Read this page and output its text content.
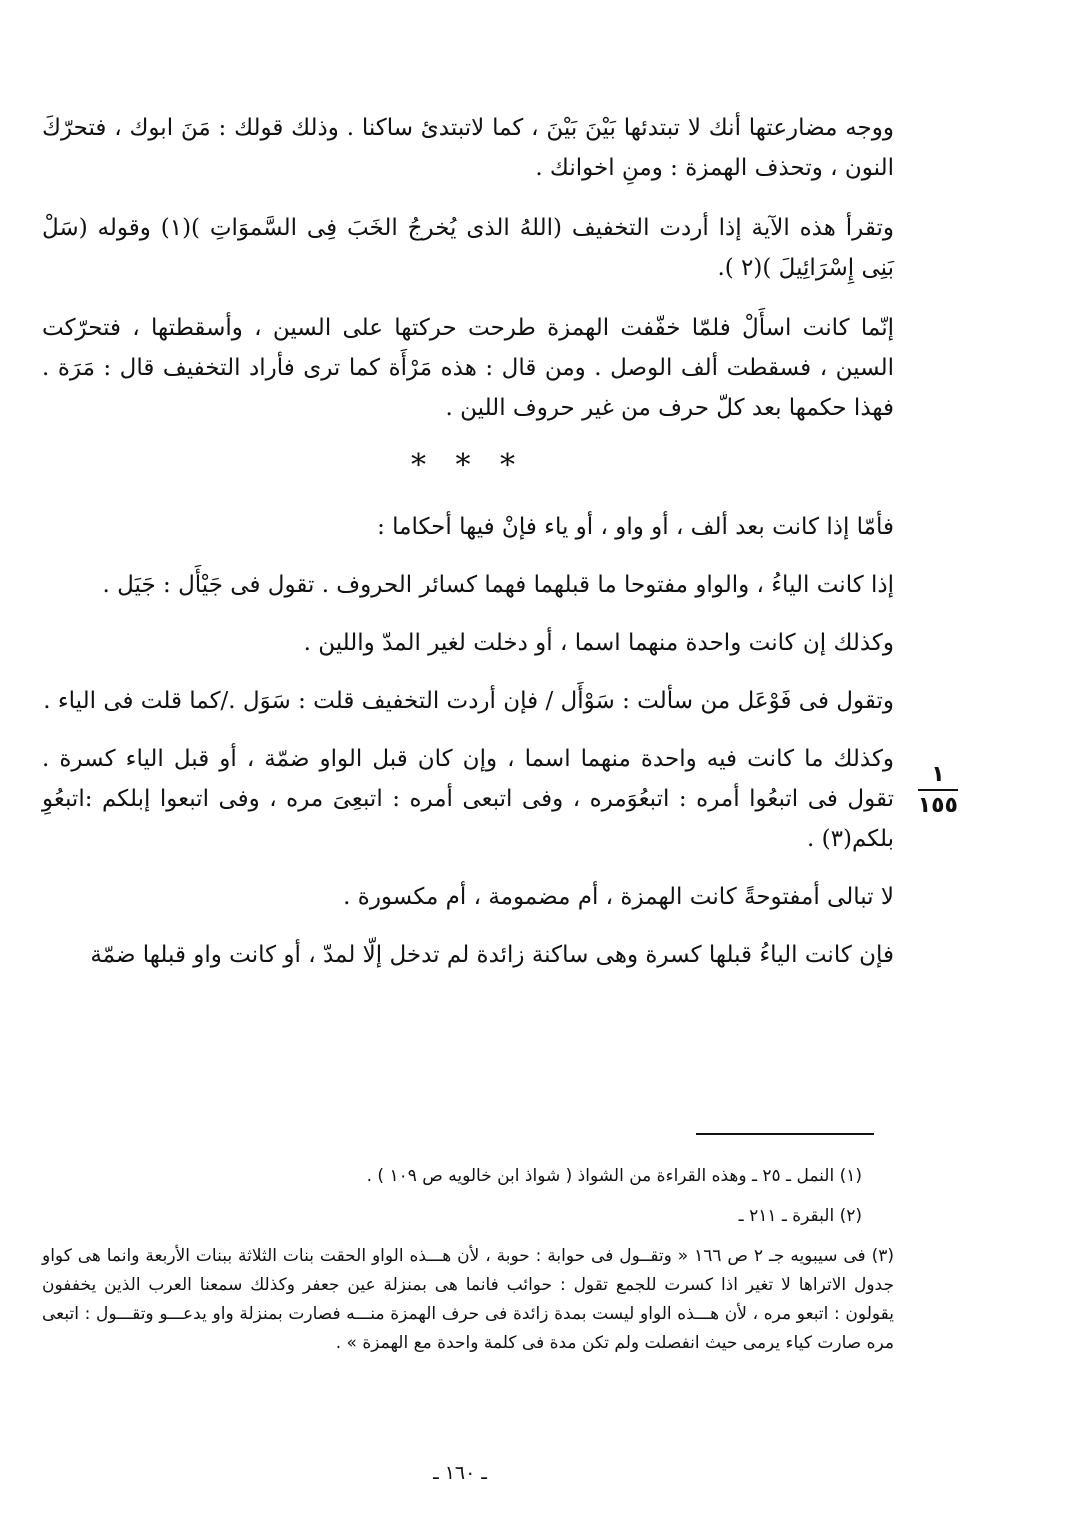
ووجه مضارعتها أنك لا تبتدئها بَيْنَ بَيْنَ ، كما لاتبتدئ ساكنا . وذلك قولك : مَنَ ابوك ، فتحرّكَ النون ، وتحذف الهمزة : ومنِ اخوانك .

وتقرأ هذه الآية إذا أردت التخفيف (اللهُ الذى يُخرجُ الخَبَ فِى السَّموَاتِ )(١) وقوله (سَلْ بَنِى إِسْرَائِيلَ )(٢ ).

إنّما كانت اسأَلْ فلمّا خفّفت الهمزة طرحت حركتها على السين ، وأسقطتها ، فتحرّكت السين ، فسقطت ألف الوصل . ومن قال : هذه مَرْأَة كما ترى فأراد التخفيف قال : مَرَة . فهذا حكمها بعد كلّ حرف من غير حروف اللين .

* * *

فأمّا إذا كانت بعد ألف ، أو واو ، أو ياء فإنْ فيها أحكاما :

إذا كانت الياءُ ، والواو مفتوحا ما قبلهما فهما كسائر الحروف . تقول فى جَيْأَل : جَيَل .

وكذلك إن كانت واحدة منهما اسما ، أو دخلت لغير المدّ واللين .

وتقول فى فَوْعَل من سألت : سَوْأَل / فإن أردت التخفيف قلت : سَوَل ./كما قلت فى الياء .

وكذلك ما كانت فيه واحدة منهما اسما ، وإن كان قبل الواو ضمّة ، أو قبل الياء كسرة . تقول فى اتبعُوا أمره : اتبعُوَمره ، وفى اتبعى أمره : اتبعِىَ مره ، وفى اتبعوا إبلكم :اتبعُوِ بلكم(٣) .

لا تبالى أمفتوحةً كانت الهمزة ، أم مضمومة ، أم مكسورة .

فإن كانت الياءُ قبلها كسرة وهى ساكنة زائدة لم تدخل إلّا لمدّ ، أو كانت واو قبلها ضمّة

١
١٥٥

(١) النمل ـ ٢٥ ـ وهذه القراءة من الشواذ ( شواذ ابن خالويه ص ١٠٩ ) .

(٢) البقرة ـ ٢١١ ـ

(٣) فى سيبويه جـ ٢ ص ١٦٦ « وتقــول فى حوابة : حوبة ، لأن هـــذه الواو الحقت بنات الثلاثة ببنات الأربعة وانما هى كواو جدول الاتراها لا تغير اذا كسرت للجمع تقول : حوائب فانما هى بمنزلة عين جعفر وكذلك سمعنا العرب الذين يخففون يقولون : اتبعو مره ، لأن هـــذه الواو ليست بمدة زائدة فى حرف الهمزة منـــه فصارت بمنزلة واو يدعـــو وتقـــول : اتبعى مره صارت كياء يرمى حيث انفصلت ولم تكن مدة فى كلمة واحدة مع الهمزة » .

ـ ١٦٠ ـ
